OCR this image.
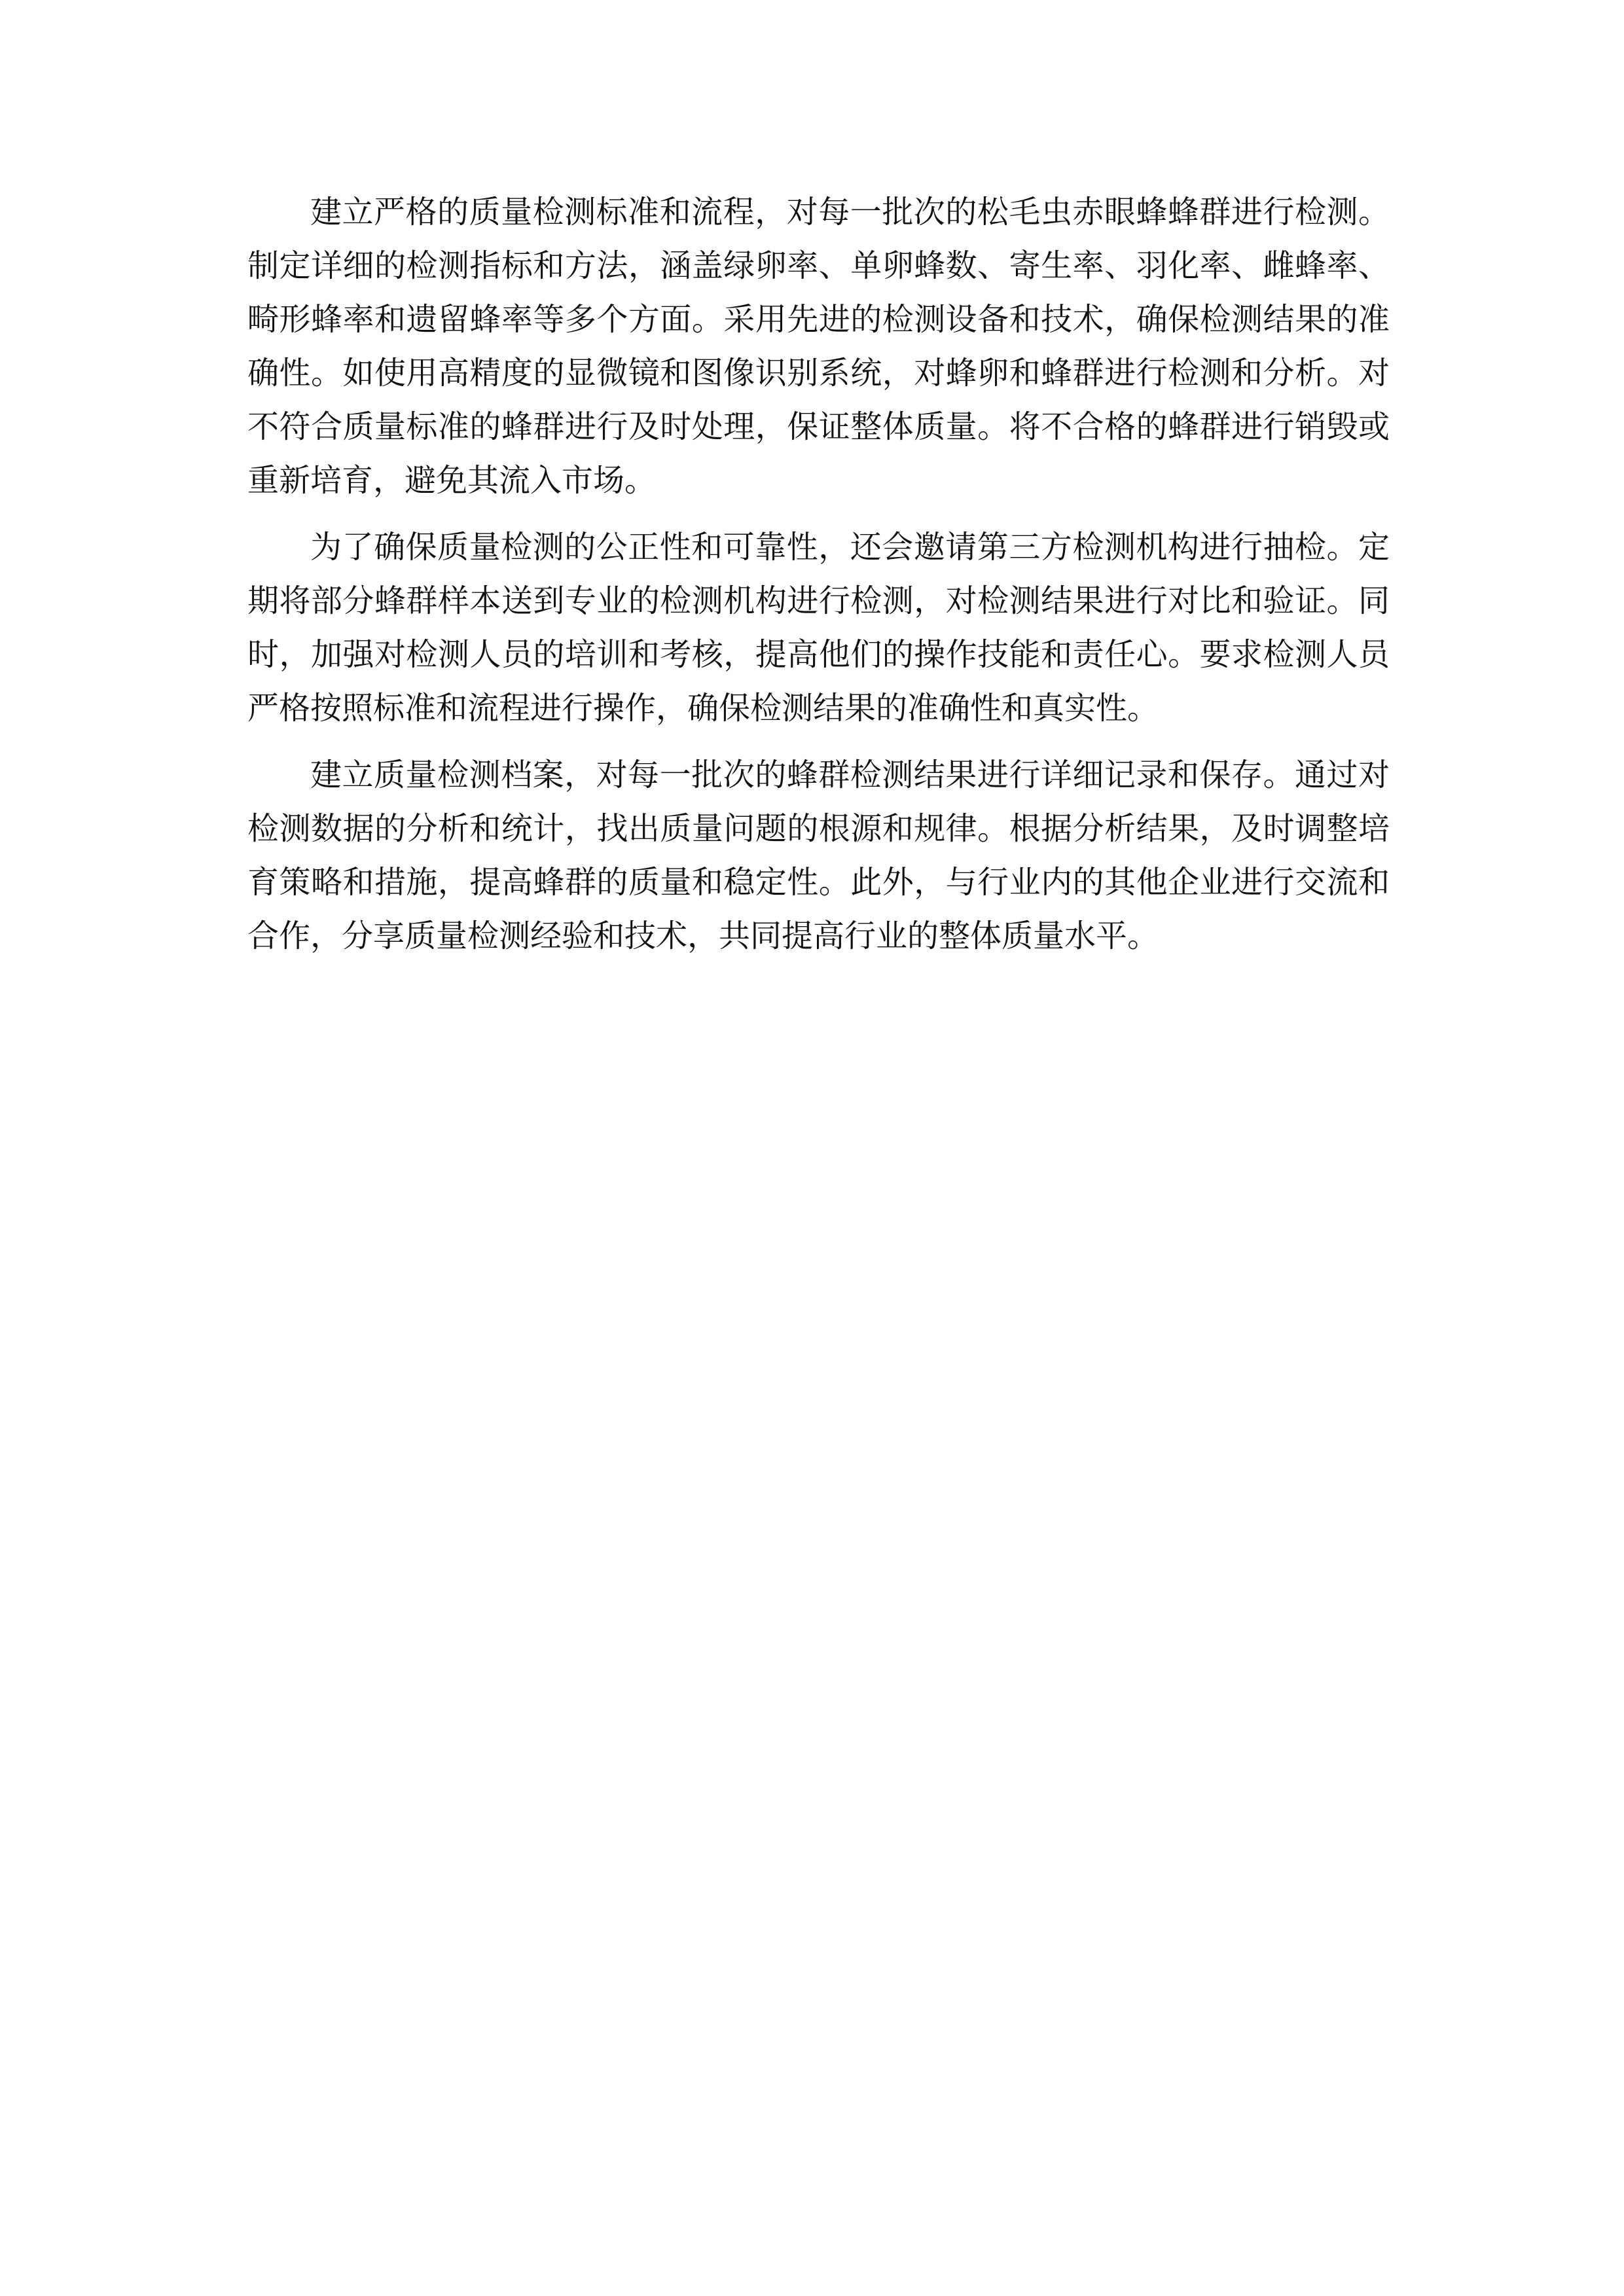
建立严格的质量检测标准和流程，对每一批次的松毛虫赤眼蜂蜂群进行检测。制定详细的检测指标和方法，涵盖绿卵率、单卵蜂数、寄生率、羽化率、雌蜂率、畸形蜂率和遗留蜂率等多个方面。采用先进的检测设备和技术，确保检测结果的准确性。如使用高精度的显微镜和图像识别系统，对蜂卵和蜂群进行检测和分析。对不符合质量标准的蜂群进行及时处理，保证整体质量。将不合格的蜂群进行销毁或重新培育，避免其流入市场。

为了确保质量检测的公正性和可靠性，还会邀请第三方检测机构进行抽检。定期将部分蜂群样本送到专业的检测机构进行检测，对检测结果进行对比和验证。同时，加强对检测人员的培训和考核，提高他们的操作技能和责任心。要求检测人员严格按照标准和流程进行操作，确保检测结果的准确性和真实性。

建立质量检测档案，对每一批次的蜂群检测结果进行详细记录和保存。通过对检测数据的分析和统计，找出质量问题的根源和规律。根据分析结果，及时调整培育策略和措施，提高蜂群的质量和稳定性。此外，与行业内的其他企业进行交流和合作，分享质量检测经验和技术，共同提高行业的整体质量水平。
